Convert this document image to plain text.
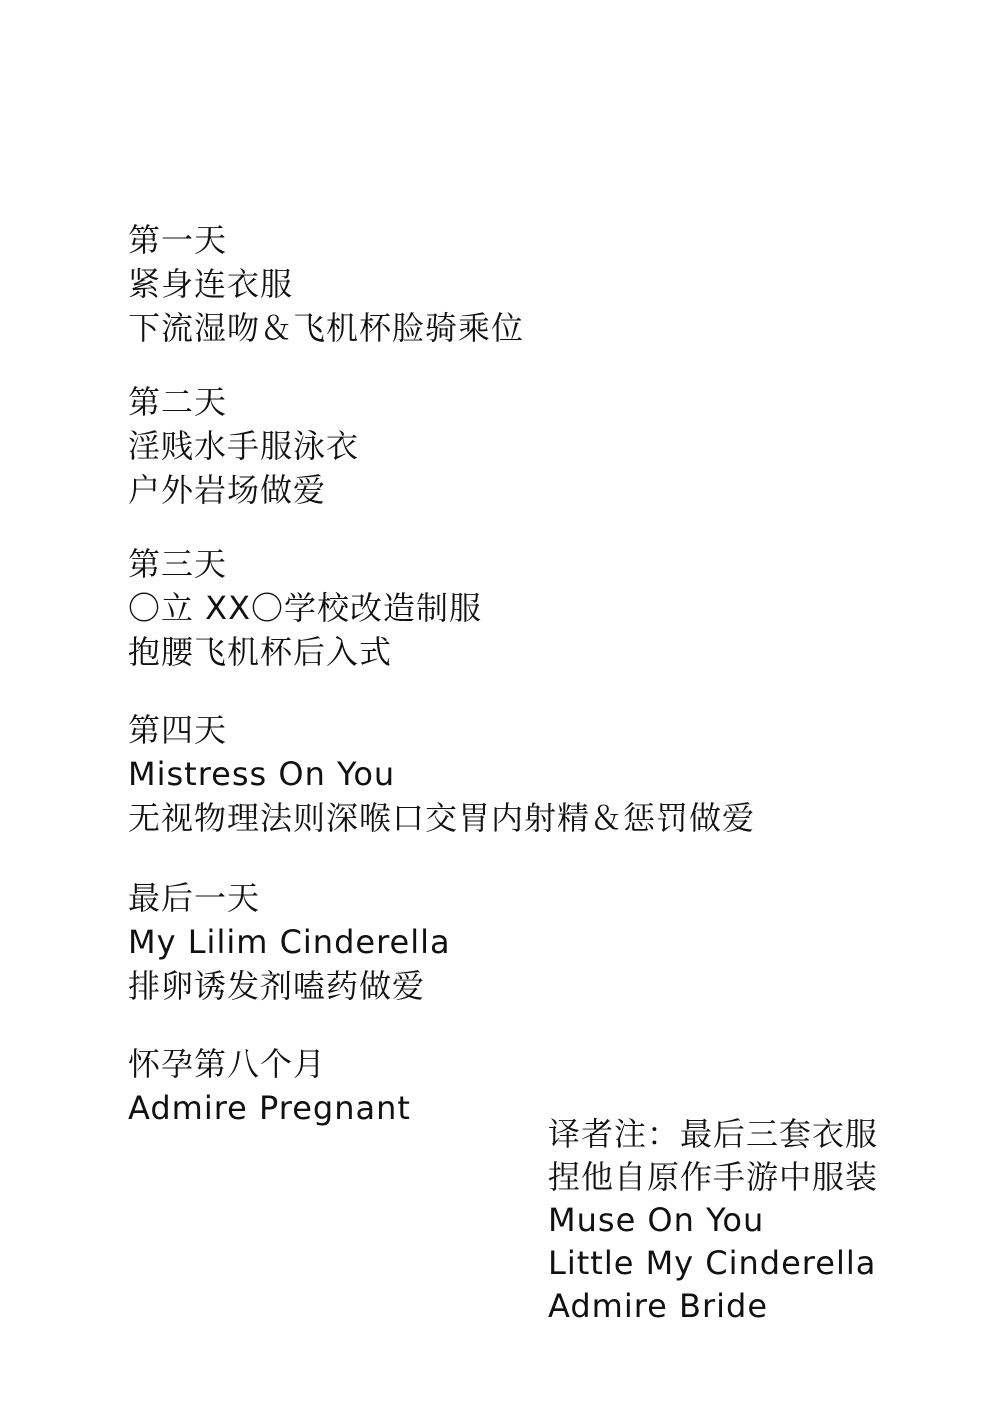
第一天
紧身连衣服
下流湿吻＆飞机杯脸骑乘位
第二天
淫贱水手服泳衣
户外岩场做爱
第三天
〇立 XX〇学校改造制服
抱腰飞机杯后入式
第四天
Mistress On You
无视物理法则深喉口交胃内射精＆惩罚做爱
最后一天
My Lilim Cinderella
排卵诱发剂嗑药做爱
怀孕第八个月
Admire Pregnant
译者注：最后三套衣服
捏他自原作手游中服装
Muse On You
Little My Cinderella
Admire Bride
